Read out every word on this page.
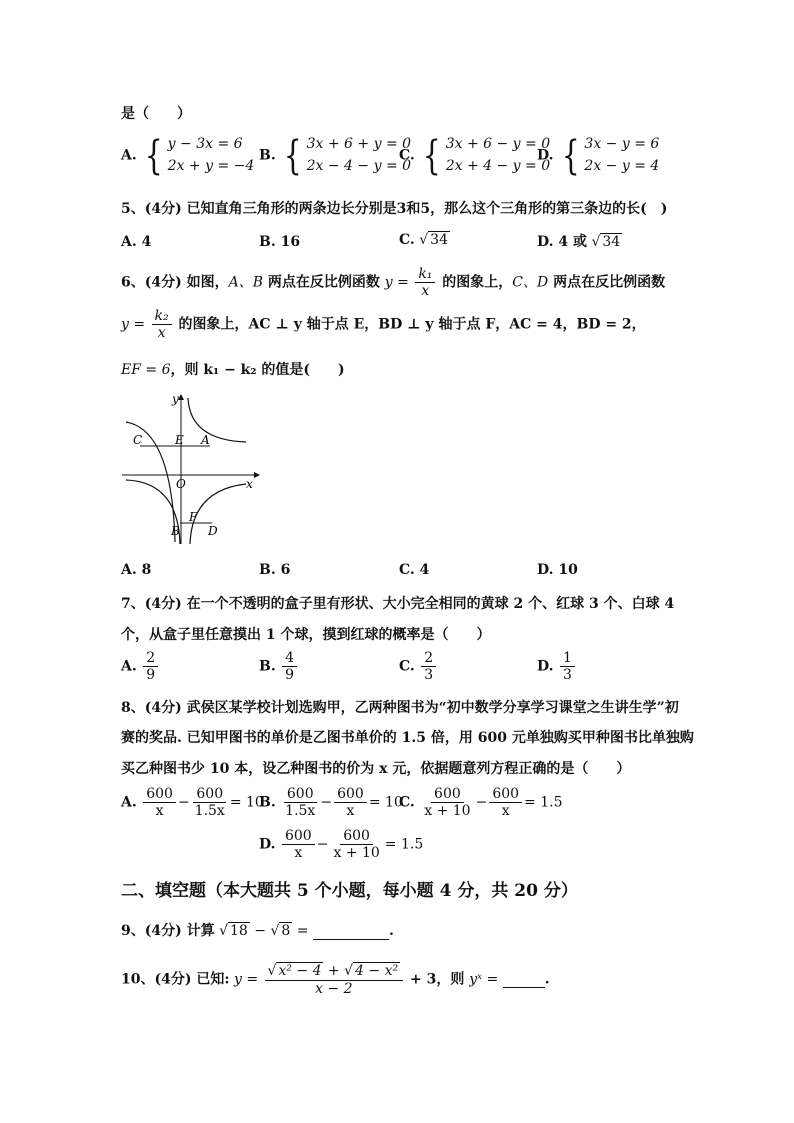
是（　　）
A. { y − 3x = 6
2x + y = −4
B. { 3x + 6 + y = 0
2x − 4 − y = 0
C. { 3x + 6 − y = 0
2x + 4 − y = 0
D. { 3x − y = 6
2x − y = 4
5、(4分) 已知直角三角形的两条边长分别是3和5，那么这个三角形的第三条边的长(　)
A. 4	B. 16	C. √ 34	D. 4 或 √ 34
6、(4分) 如图，A、B 两点在反比例函数 $y = \frac{\text{k₁}}{x}$ 的图象上，C、D 两点在反比例函数
$y = \frac{\text{k₂}}{x}$ 的图象上，AC ⊥ y 轴于点 E，BD ⊥ y 轴于点 F，AC = 4，BD = 2，
EF = 6，则 k₁ − k₂ 的值是(　　)
y
x
O
C	E A
B
F
D
A. 8	B. 6	C. 4	D. 10
7、(4分) 在一个不透明的盒子里有形状、大小完全相同的黄球 2 个、红球 3 个、白球 4
个，从盒子里任意摸出 1 个球，摸到红球的概率是（　　）
A. $\frac{2}{9}$	B. $\frac{4}{9}$	C. $\frac{2}{3}$	D. $\frac{1}{3}$
8、(4分) 武侯区某学校计划选购甲，乙两种图书为“初中数学分享学习课堂之生讲生学”初
赛的奖品. 已知甲图书的单价是乙图书单价的 1.5 倍，用 600 元单独购买甲种图书比单独购
买乙种图书少 10 本，设乙种图书的价为 x 元，依据题意列方程正确的是（　　）
A. $\frac{600}{x} - \frac{600}{1.5x} = 10$
B. $\frac{600}{1.5x} - \frac{600}{x} = 10$
C. $\frac{600}{x + 10} - \frac{600}{x} = 1.5$
D. $\frac{600}{x} - \frac{600}{x + 10} = 1.5$
二、填空题（本大题共 5 个小题，每小题 4 分，共 20 分）
9、(4分) 计算 √ 18 − √ 8 =	.
10、(4分) 已知: $y = \frac{\text{√ x² − 4 + √ 4 − x²}}{x - 2} + 3$，则 yˣ =	.
